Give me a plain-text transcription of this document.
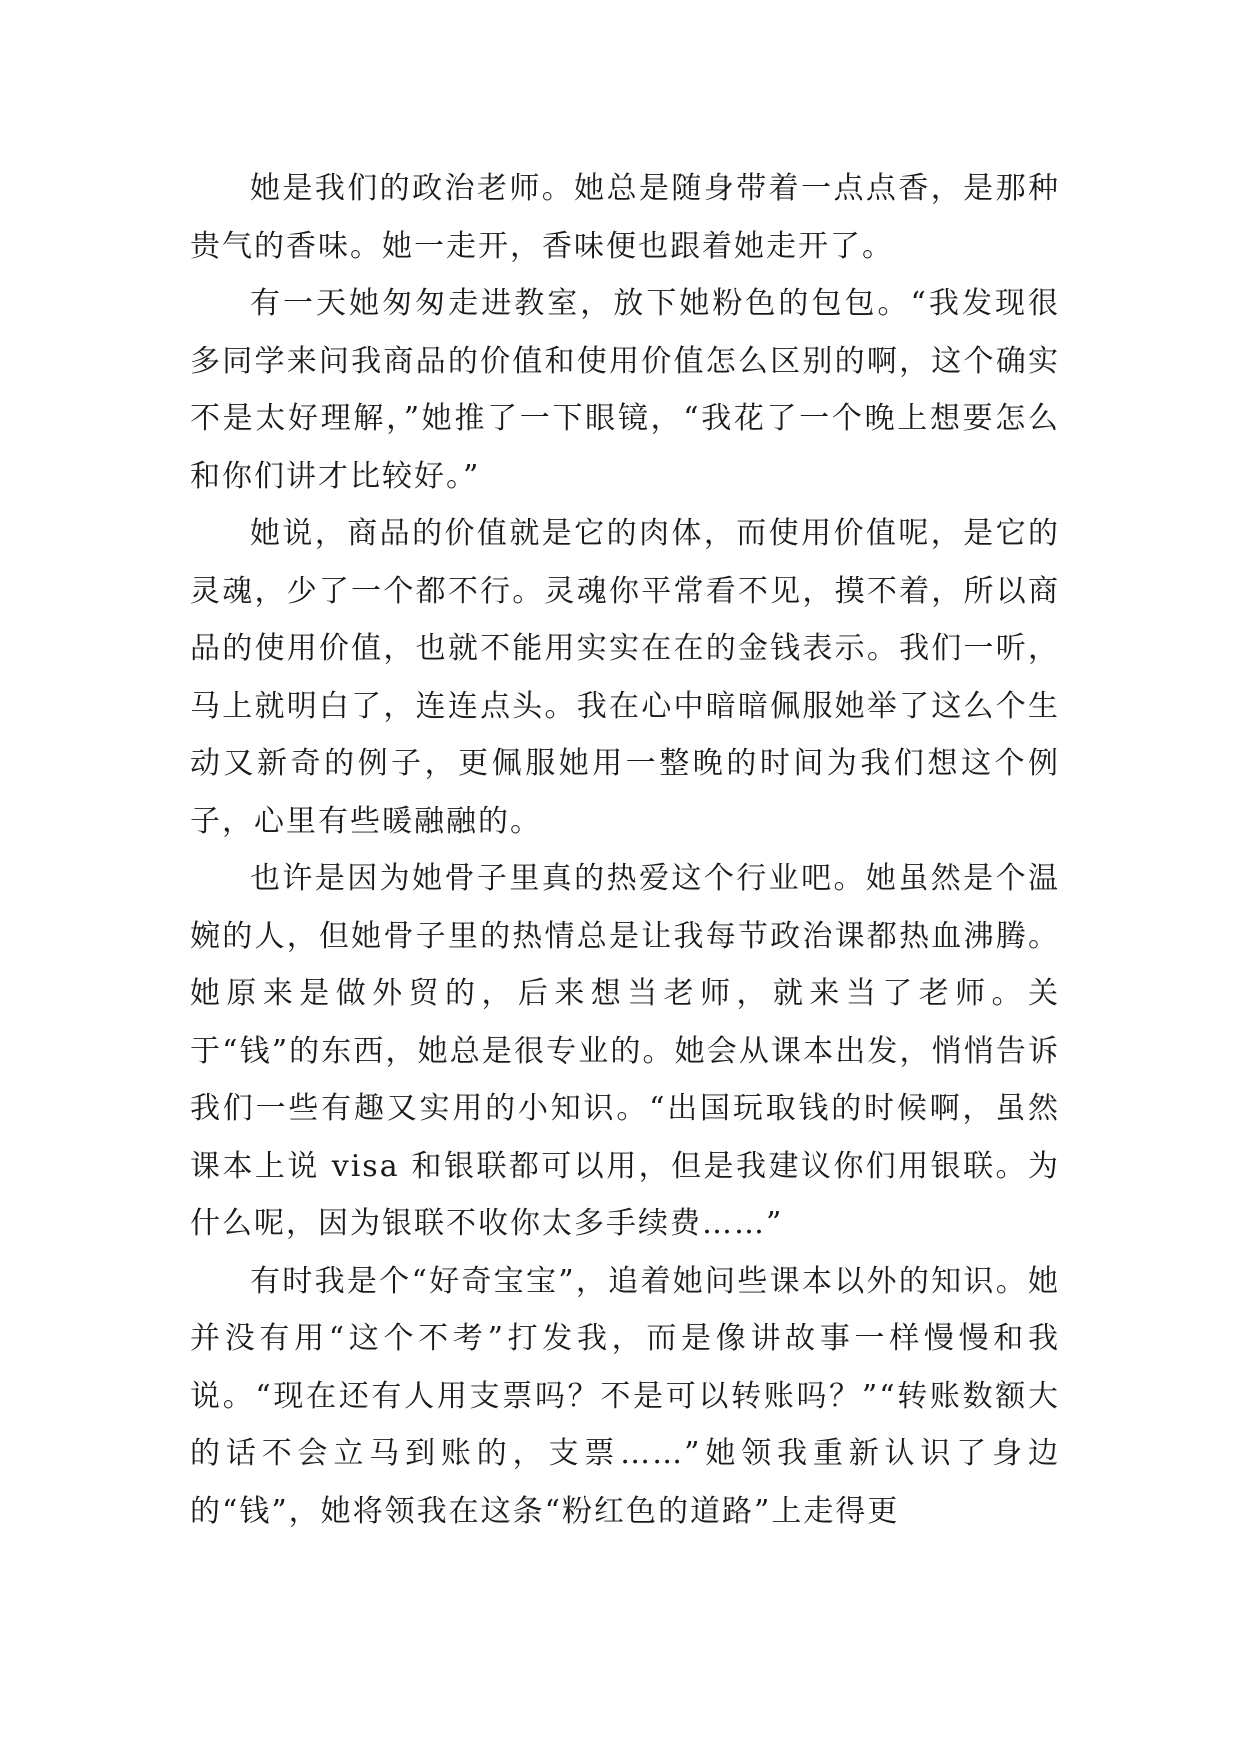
她是我们的政治老师。她总是随身带着一点点香，是那种贵气的香味。她一走开，香味便也跟着她走开了。

有一天她匆匆走进教室，放下她粉色的包包。“我发现很多同学来问我商品的价值和使用价值怎么区别的啊，这个确实不是太好理解，”她推了一下眼镜，“我花了一个晚上想要怎么和你们讲才比较好。”

她说，商品的价值就是它的肉体，而使用价值呢，是它的灵魂，少了一个都不行。灵魂你平常看不见，摸不着，所以商品的使用价值，也就不能用实实在在的金钱表示。我们一听，马上就明白了，连连点头。我在心中暗暗佩服她举了这么个生动又新奇的例子，更佩服她用一整晚的时间为我们想这个例子，心里有些暖融融的。

也许是因为她骨子里真的热爱这个行业吧。她虽然是个温婉的人，但她骨子里的热情总是让我每节政治课都热血沸腾。她原来是做外贸的，后来想当老师，就来当了老师。关于“钱”的东西，她总是很专业的。她会从课本出发，悄悄告诉我们一些有趣又实用的小知识。“出国玩取钱的时候啊，虽然课本上说 visa 和银联都可以用，但是我建议你们用银联。为什么呢，因为银联不收你太多手续费……”

有时我是个“好奇宝宝”，追着她问些课本以外的知识。她并没有用“这个不考”打发我，而是像讲故事一样慢慢和我说。“现在还有人用支票吗？不是可以转账吗？”“转账数额大的话不会立马到账的，支票……”她领我重新认识了身边的“钱”，她将领我在这条“粉红色的道路”上走得更
